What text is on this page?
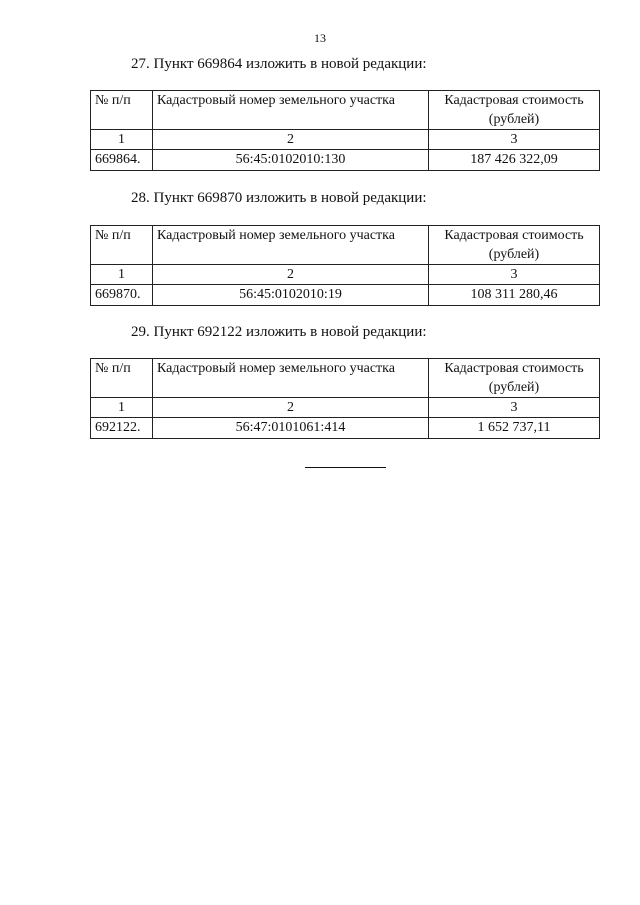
13
27. Пункт 669864 изложить в новой редакции:
№ п/п	Кадастровый номер земельного участка	Кадастровая стоимость (рублей)
1	2	3
669864.	56:45:0102010:130	187 426 322,09
28. Пункт 669870 изложить в новой редакции:
№ п/п	Кадастровый номер земельного участка	Кадастровая стоимость (рублей)
1	2	3
669870.	56:45:0102010:19	108 311 280,46
29. Пункт 692122 изложить в новой редакции:
№ п/п	Кадастровый номер земельного участка	Кадастровая стоимость (рублей)
1	2	3
692122.	56:47:0101061:414	1 652 737,11
